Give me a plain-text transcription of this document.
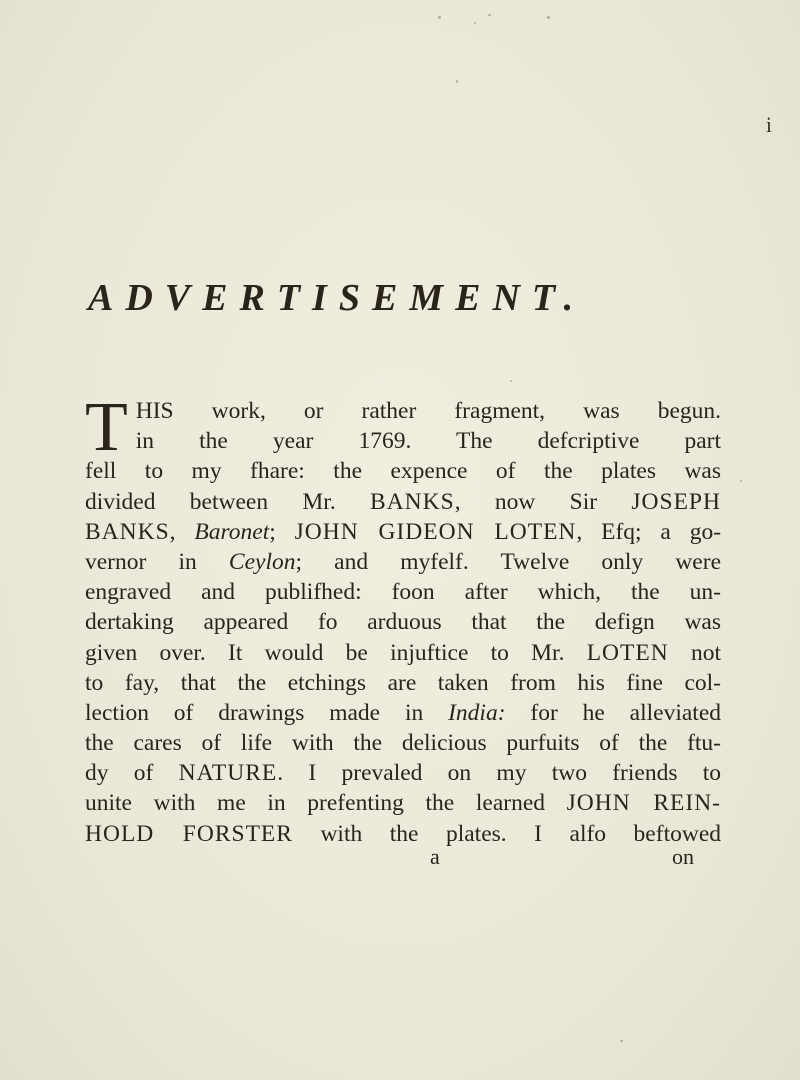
i
ADVERTISEMENT.
T HIS work, or rather fragment, was begun.
in the year 1769. The defcriptive part
fell to my fhare: the expence of the plates was
divided between Mr. BANKS, now Sir JOSEPH
BANKS, Baronet; JOHN GIDEON LOTEN, Efq; a go-
vernor in Ceylon; and myfelf. Twelve only were
engraved and publifhed: foon after which, the un-
dertaking appeared fo arduous that the defign was
given over. It would be injuftice to Mr. LOTEN not
to fay, that the etchings are taken from his fine col-
lection of drawings made in India: for he alleviated
the cares of life with the delicious purfuits of the ftu-
dy of NATURE. I prevaled on my two friends to
unite with me in prefenting the learned JOHN REIN-
HOLD FORSTER with the plates. I alfo beftowed
a	on
